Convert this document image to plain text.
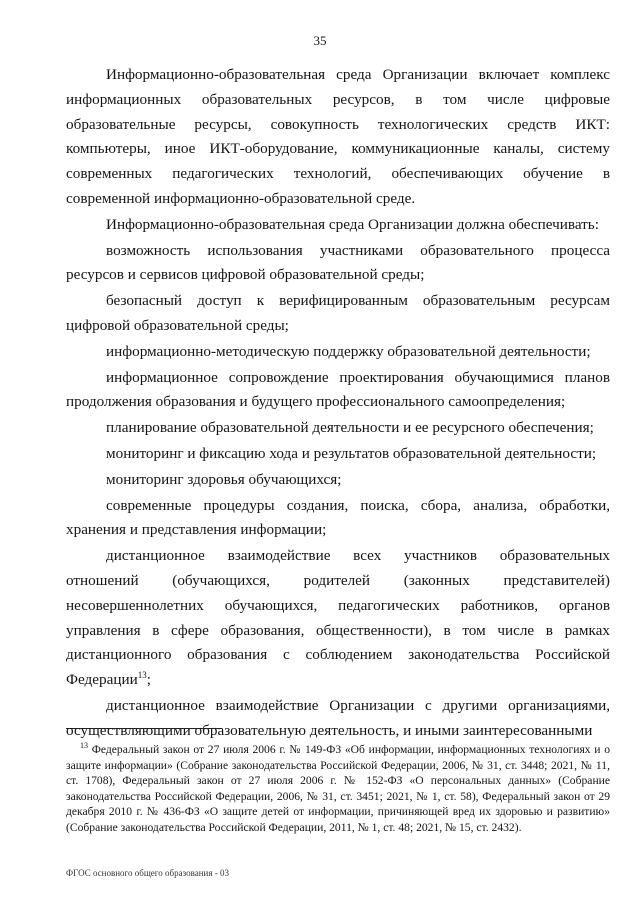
35

Информационно-образовательная среда Организации включает комплекс информационных образовательных ресурсов, в том числе цифровые образовательные ресурсы, совокупность технологических средств ИКТ: компьютеры, иное ИКТ-оборудование, коммуникационные каналы, систему современных педагогических технологий, обеспечивающих обучение в современной информационно-образовательной среде.

Информационно-образовательная среда Организации должна обеспечивать:

возможность использования участниками образовательного процесса ресурсов и сервисов цифровой образовательной среды;

безопасный доступ к верифицированным образовательным ресурсам цифровой образовательной среды;

информационно-методическую поддержку образовательной деятельности;

информационное сопровождение проектирования обучающимися планов продолжения образования и будущего профессионального самоопределения;

планирование образовательной деятельности и ее ресурсного обеспечения;

мониторинг и фиксацию хода и результатов образовательной деятельности;

мониторинг здоровья обучающихся;

современные процедуры создания, поиска, сбора, анализа, обработки, хранения и представления информации;

дистанционное взаимодействие всех участников образовательных отношений (обучающихся, родителей (законных представителей) несовершеннолетних обучающихся, педагогических работников, органов управления в сфере образования, общественности), в том числе в рамках дистанционного образования с соблюдением законодательства Российской Федерации$^{13}$;

дистанционное взаимодействие Организации с другими организациями, осуществляющими образовательную деятельность, и иными заинтересованными

$^{13}$ Федеральный закон от 27 июля 2006 г. № 149-ФЗ «Об информации, информационных технологиях и о защите информации» (Собрание законодательства Российской Федерации, 2006, № 31, ст. 3448; 2021, № 11, ст. 1708), Федеральный закон от 27 июля 2006 г. № 152-ФЗ «О персональных данных» (Собрание законодательства Российской Федерации, 2006, № 31, ст. 3451; 2021, № 1, ст. 58), Федеральный закон от 29 декабря 2010 г. № 436-ФЗ «О защите детей от информации, причиняющей вред их здоровью и развитию» (Собрание законодательства Российской Федерации, 2011, № 1, ст. 48; 2021, № 15, ст. 2432).

ФГОС основного общего образования - 03
